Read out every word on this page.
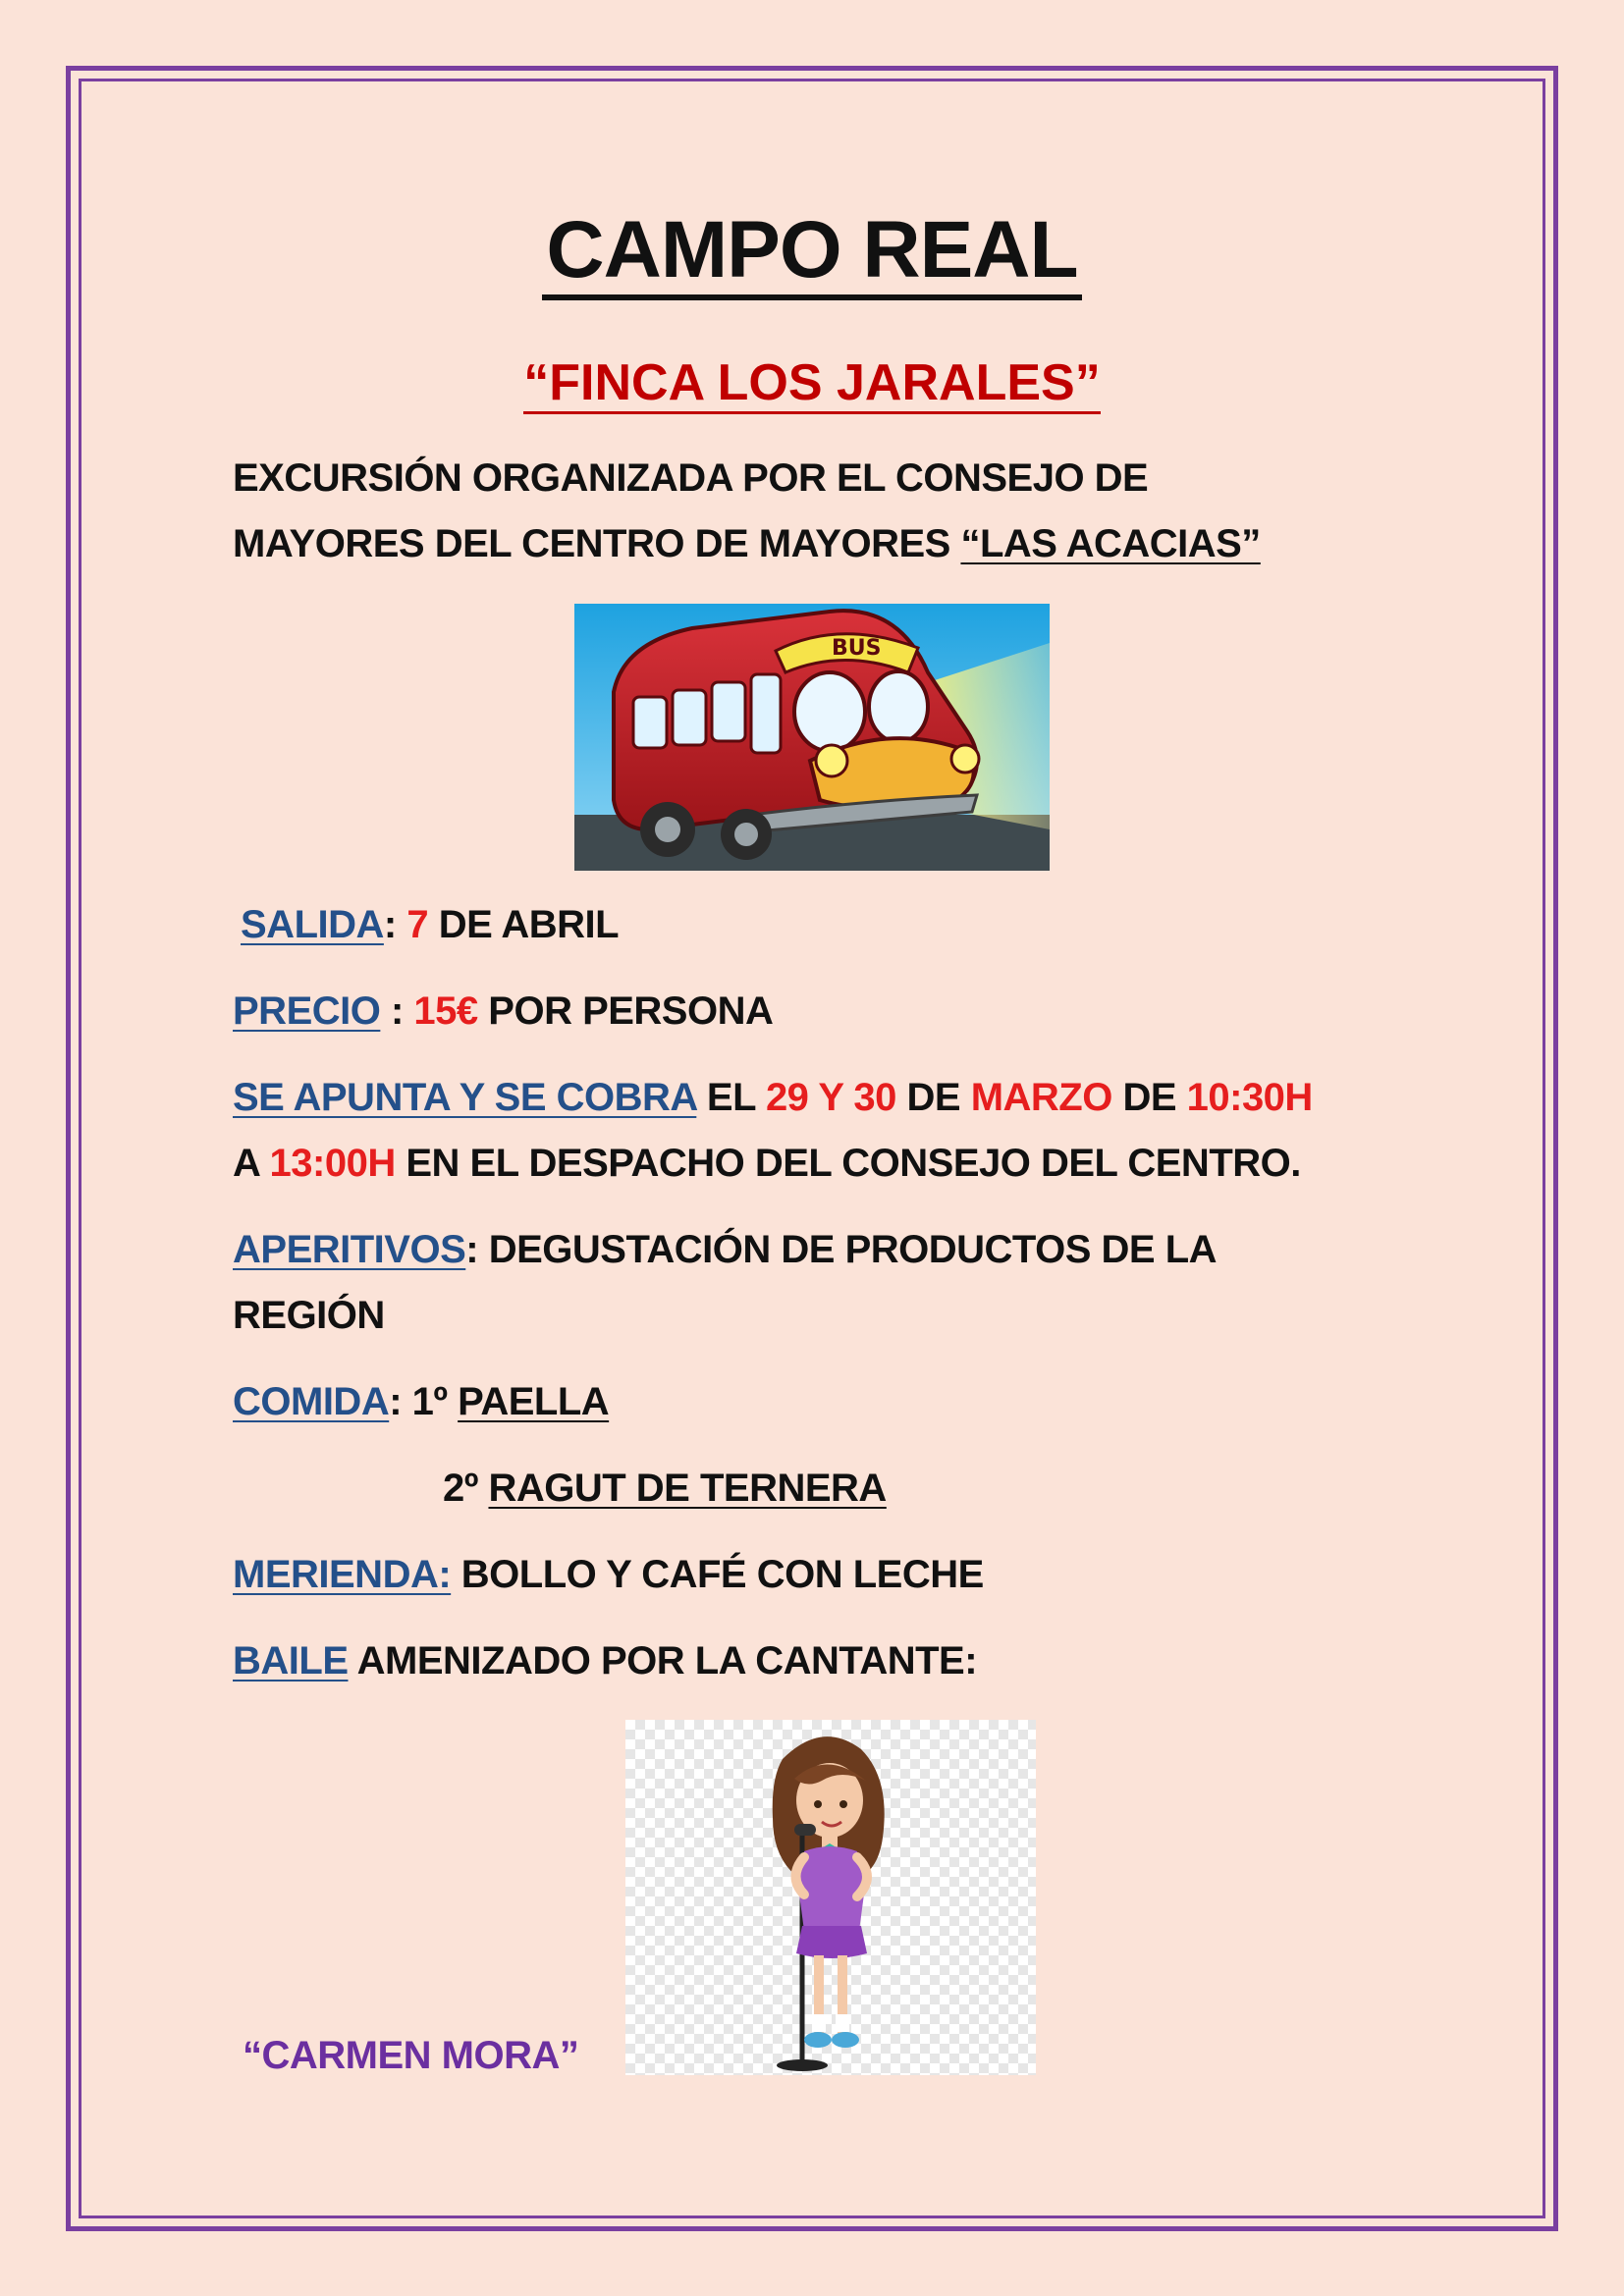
CAMPO REAL
“FINCA LOS JARALES”
EXCURSIÓN ORGANIZADA POR EL CONSEJO DE
MAYORES DEL CENTRO DE MAYORES “LAS ACACIAS”
BUS
SALIDA: 7 DE ABRIL
PRECIO : 15€ POR PERSONA
SE APUNTA Y SE COBRA EL 29 Y 30 DE MARZO DE 10:30H
A 13:00H EN EL DESPACHO DEL CONSEJO DEL CENTRO.
APERITIVOS: DEGUSTACIÓN DE PRODUCTOS DE LA
REGIÓN
COMIDA: 1º PAELLA
2º RAGUT DE TERNERA
MERIENDA: BOLLO Y CAFÉ CON LECHE
BAILE AMENIZADO POR LA CANTANTE:
“CARMEN MORA”
